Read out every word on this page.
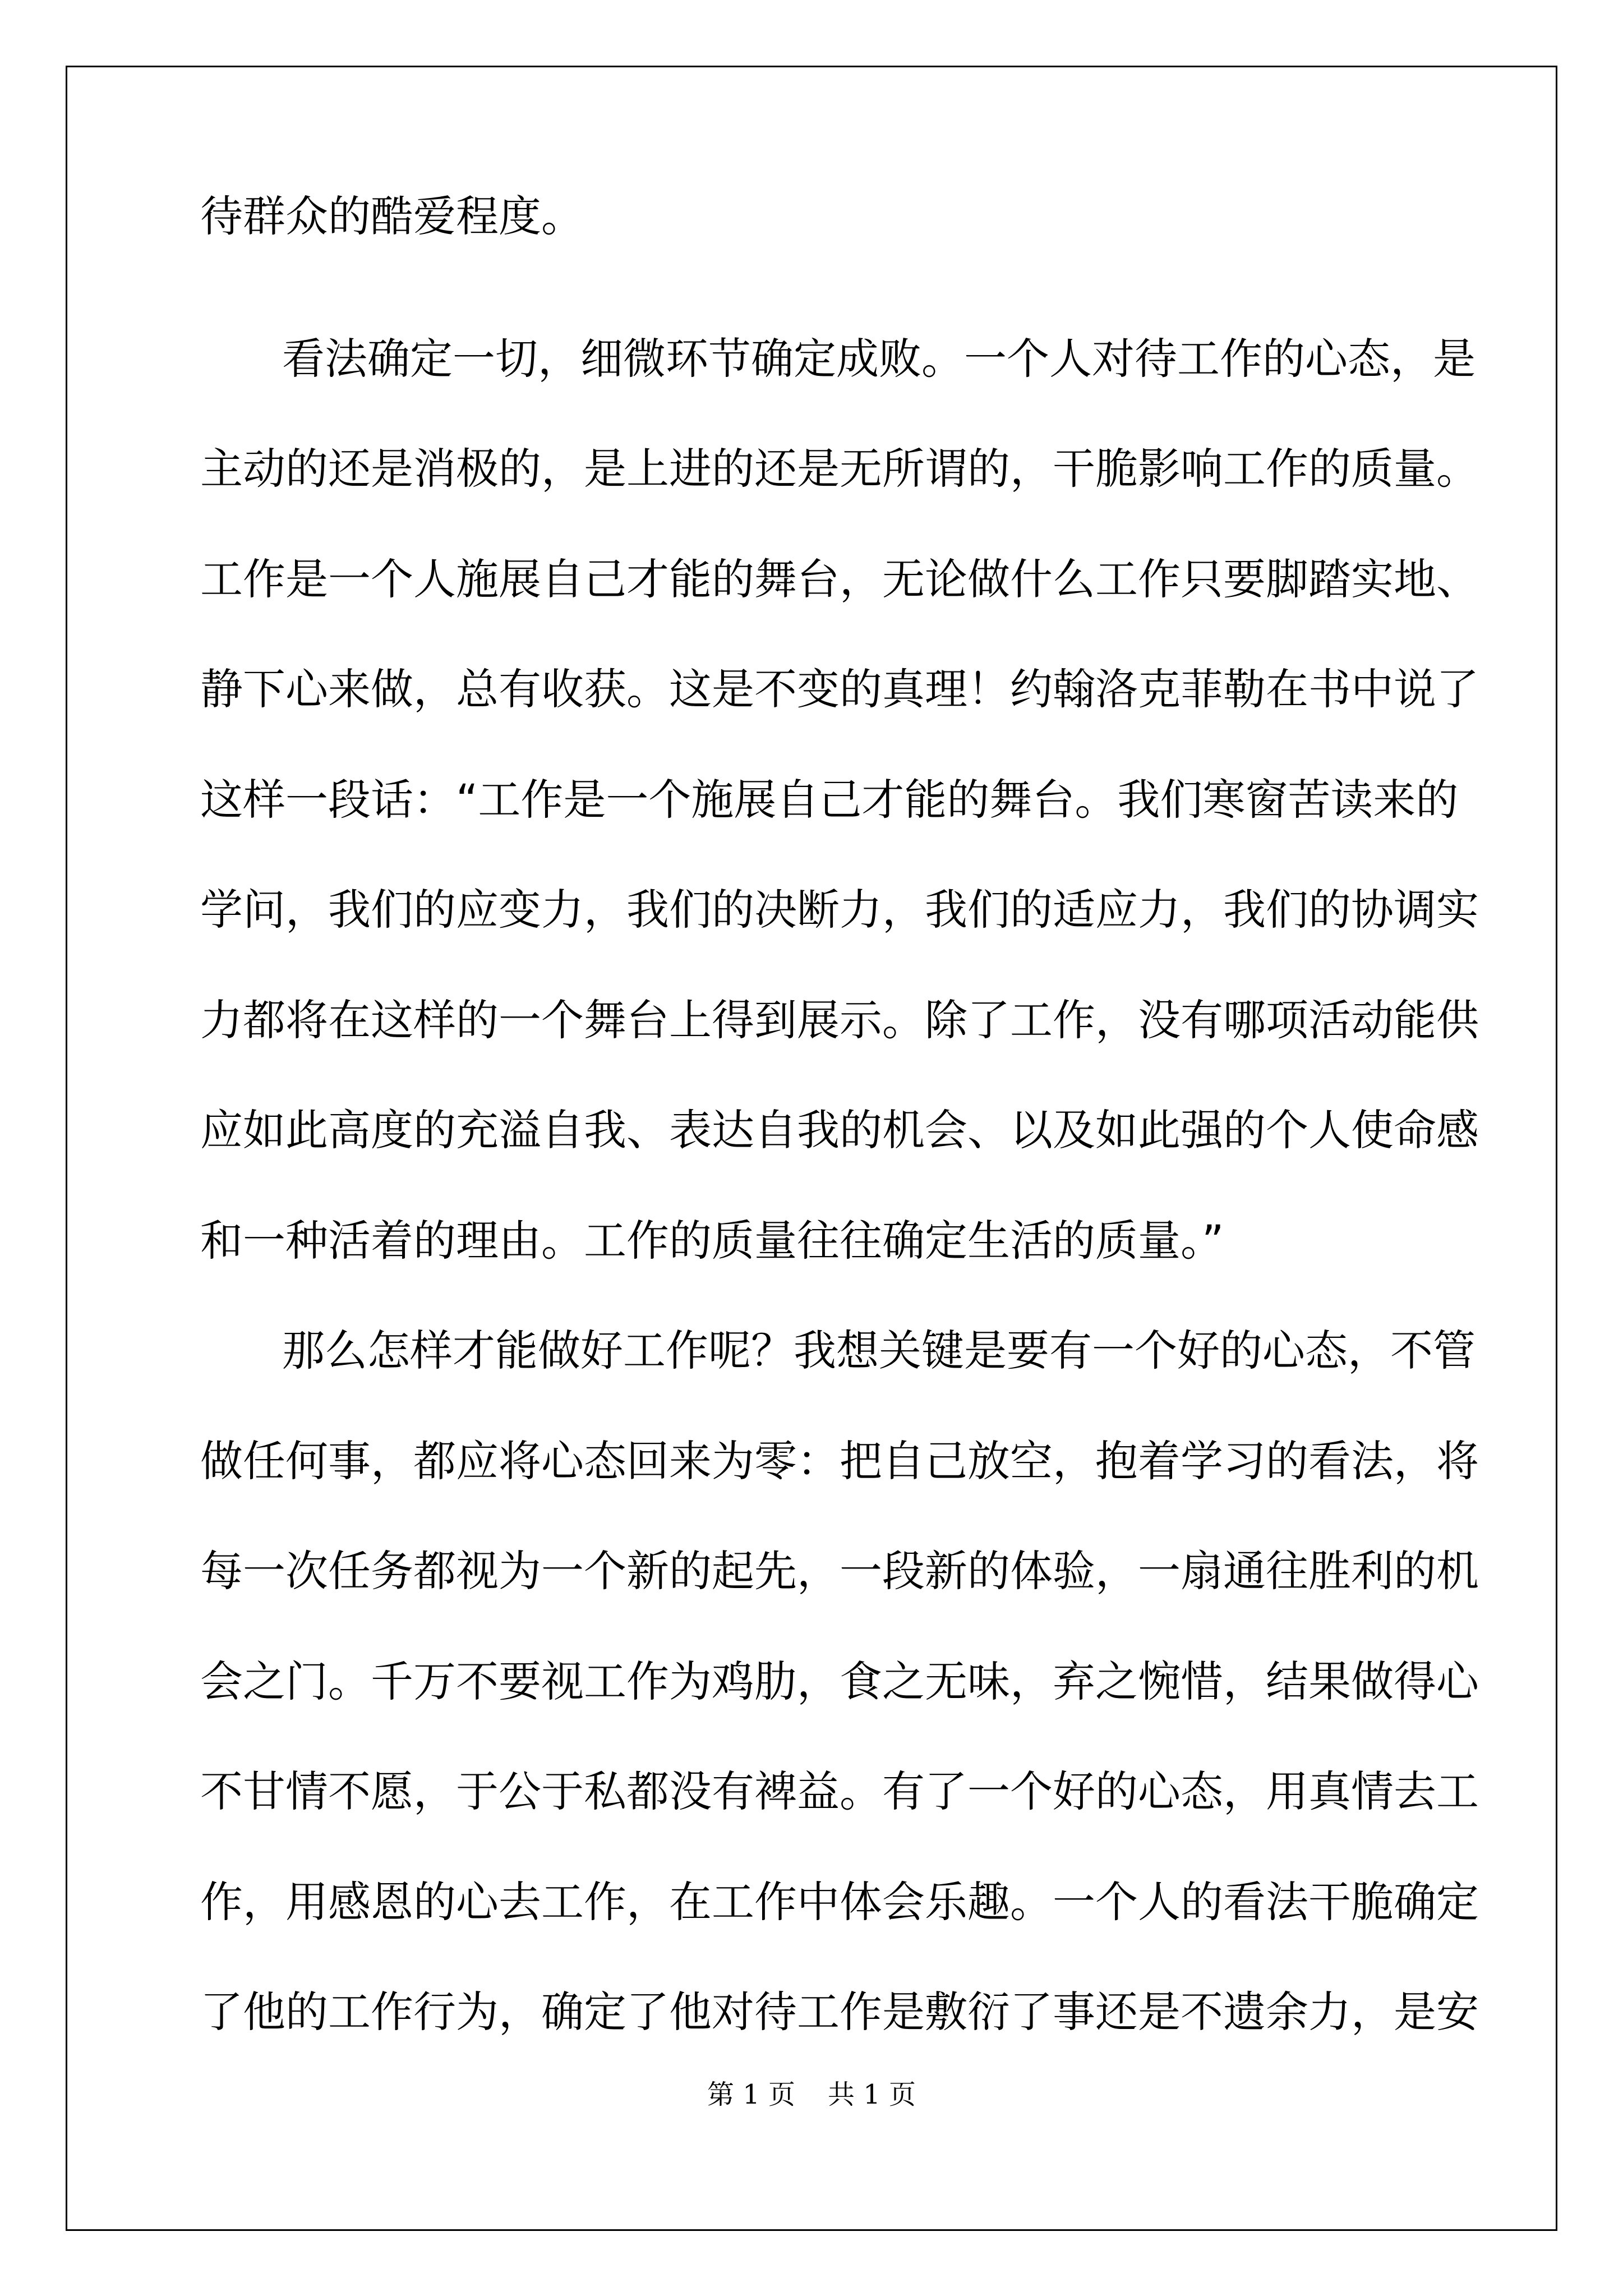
待群众的酷爱程度。
看法确定一切，细微环节确定成败。一个人对待工作的心态，是
主动的还是消极的，是上进的还是无所谓的，干脆影响工作的质量。
工作是一个人施展自己才能的舞台，无论做什么工作只要脚踏实地、
静下心来做，总有收获。这是不变的真理！约翰洛克菲勒在书中说了
这样一段话：“工作是一个施展自己才能的舞台。我们寒窗苦读来的
学问，我们的应变力，我们的决断力，我们的适应力，我们的协调实
力都将在这样的一个舞台上得到展示。除了工作，没有哪项活动能供
应如此高度的充溢自我、表达自我的机会、以及如此强的个人使命感
和一种活着的理由。工作的质量往往确定生活的质量。”
那么怎样才能做好工作呢？我想关键是要有一个好的心态，不管
做任何事，都应将心态回来为零：把自己放空，抱着学习的看法，将
每一次任务都视为一个新的起先，一段新的体验，一扇通往胜利的机
会之门。千万不要视工作为鸡肋，食之无味，弃之惋惜，结果做得心
不甘情不愿，于公于私都没有裨益。有了一个好的心态，用真情去工
作，用感恩的心去工作，在工作中体会乐趣。一个人的看法干脆确定
了他的工作行为，确定了他对待工作是敷衍了事还是不遗余力，是安
第 1 页 共 1 页
